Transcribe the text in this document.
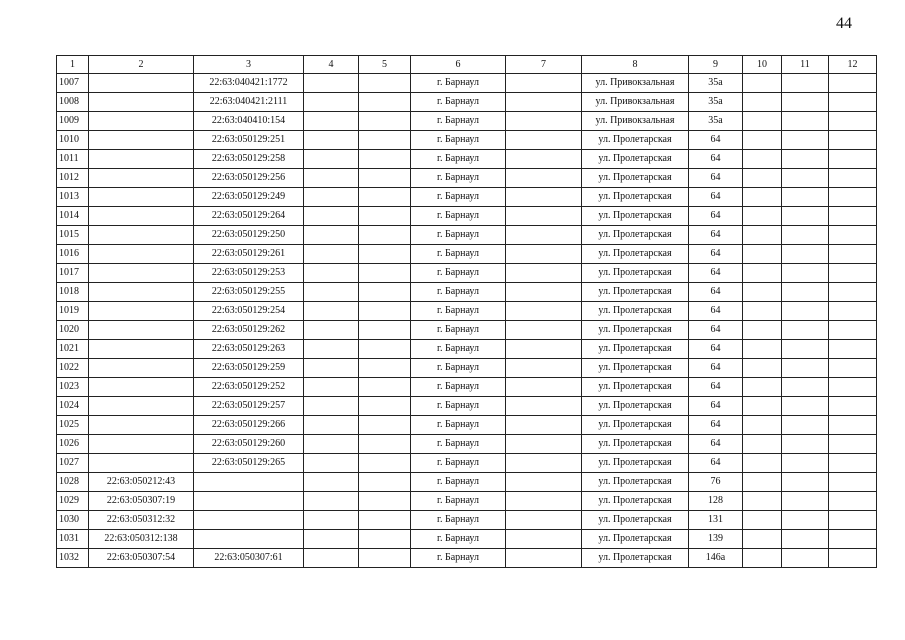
44
1	2	3	4	5	6	7	8	9	10	11	12
1007		22:63:040421:1772			г. Барнаул		ул. Привокзальная	35а			
1008		22:63:040421:2111			г. Барнаул		ул. Привокзальная	35а			
1009		22:63:040410:154			г. Барнаул		ул. Привокзальная	35а			
1010		22:63:050129:251			г. Барнаул		ул. Пролетарская	64			
1011		22:63:050129:258			г. Барнаул		ул. Пролетарская	64			
1012		22:63:050129:256			г. Барнаул		ул. Пролетарская	64			
1013		22:63:050129:249			г. Барнаул		ул. Пролетарская	64			
1014		22:63:050129:264			г. Барнаул		ул. Пролетарская	64			
1015		22:63:050129:250			г. Барнаул		ул. Пролетарская	64			
1016		22:63:050129:261			г. Барнаул		ул. Пролетарская	64			
1017		22:63:050129:253			г. Барнаул		ул. Пролетарская	64			
1018		22:63:050129:255			г. Барнаул		ул. Пролетарская	64			
1019		22:63:050129:254			г. Барнаул		ул. Пролетарская	64			
1020		22:63:050129:262			г. Барнаул		ул. Пролетарская	64			
1021		22:63:050129:263			г. Барнаул		ул. Пролетарская	64			
1022		22:63:050129:259			г. Барнаул		ул. Пролетарская	64			
1023		22:63:050129:252			г. Барнаул		ул. Пролетарская	64			
1024		22:63:050129:257			г. Барнаул		ул. Пролетарская	64			
1025		22:63:050129:266			г. Барнаул		ул. Пролетарская	64			
1026		22:63:050129:260			г. Барнаул		ул. Пролетарская	64			
1027		22:63:050129:265			г. Барнаул		ул. Пролетарская	64			
1028	22:63:050212:43				г. Барнаул		ул. Пролетарская	76			
1029	22:63:050307:19				г. Барнаул		ул. Пролетарская	128			
1030	22:63:050312:32				г. Барнаул		ул. Пролетарская	131			
1031	22:63:050312:138				г. Барнаул		ул. Пролетарская	139			
1032	22:63:050307:54	22:63:050307:61			г. Барнаул		ул. Пролетарская	146а			
